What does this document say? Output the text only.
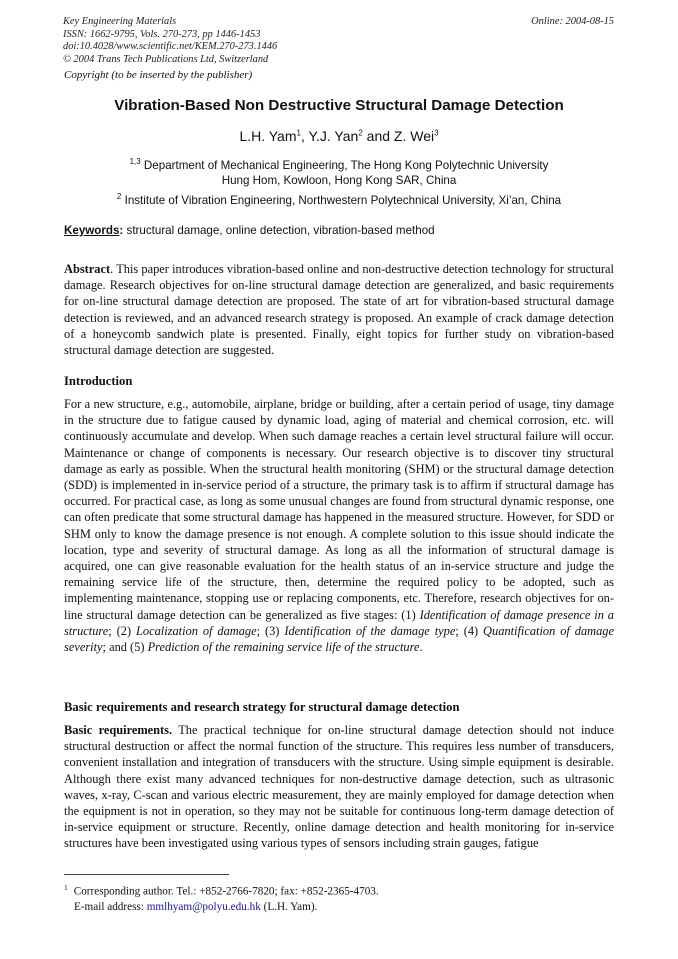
Key Engineering Materials
ISSN: 1662-9795, Vols. 270-273, pp 1446-1453
doi:10.4028/www.scientific.net/KEM.270-273.1446
© 2004 Trans Tech Publications Ltd, Switzerland
Online: 2004-08-15
Copyright (to be inserted by the publisher)
Vibration-Based Non Destructive Structural Damage Detection
L.H. Yam$^1$, Y.J. Yan$^2$ and Z. Wei$^3$
$^{1,3}$ Department of Mechanical Engineering, The Hong Kong Polytechnic University
Hung Hom, Kowloon, Hong Kong SAR, China
$^2$ Institute of Vibration Engineering, Northwestern Polytechnical University, Xi’an, China
Keywords: structural damage, online detection, vibration-based method
Abstract. This paper introduces vibration-based online and non-destructive detection technology for structural damage. Research objectives for on-line structural damage detection are generalized, and basic requirements for on-line structural damage detection are proposed. The state of art for vibration-based structural damage detection is reviewed, and an advanced research strategy is proposed. An example of crack damage detection of a honeycomb sandwich plate is presented. Finally, eight topics for further study on vibration-based structural damage detection are suggested.
Introduction
For a new structure, e.g., automobile, airplane, bridge or building, after a certain period of usage, tiny damage in the structure due to fatigue caused by dynamic load, aging of material and chemical corrosion, etc. will continuously accumulate and develop. When such damage reaches a certain level structural failure will occur. Maintenance or change of components is necessary. Our research objective is to discover tiny structural damage as early as possible. When the structural health monitoring (SHM) or the structural damage detection (SDD) is implemented in in-service period of a structure, the primary task is to affirm if structural damage has occurred. For practical case, as long as some unusual changes are found from structural dynamic response, one can often predicate that some structural damage has happened in the measured structure. However, for SDD or SHM only to know the damage presence is not enough. A complete solution to this issue should indicate the location, type and severity of structural damage. As long as all the information of structural damage is acquired, one can give reasonable evaluation for the health status of an in-service structure and judge the remaining service life of the structure, then, determine the required policy to be adopted, such as implementing maintenance, stopping use or replacing components, etc. Therefore, research objectives for on-line structural damage detection can be generalized as five stages: (1) Identification of damage presence in a structure; (2) Localization of damage; (3) Identification of the damage type; (4) Quantification of damage severity; and (5) Prediction of the remaining service life of the structure.
Basic requirements and research strategy for structural damage detection
Basic requirements. The practical technique for on-line structural damage detection should not induce structural destruction or affect the normal function of the structure. This requires less number of transducers, convenient installation and integration of transducers with the structure. Using simple equipment is desirable. Although there exist many advanced techniques for non-destructive damage detection, such as ultrasonic waves, x-ray, C-scan and various electric measurement, they are mainly employed for damage detection when the equipment is not in operation, so they may not be suitable for continuous long-term damage detection of in-service equipment or structure. Recently, online damage detection and health monitoring for in-service structures have been investigated using various types of sensors including strain gauges, fatigue
$^1$ Corresponding author. Tel.: +852-2766-7820; fax: +852-2365-4703.
E-mail address: mmlhyam@polyu.edu.hk (L.H. Yam).
